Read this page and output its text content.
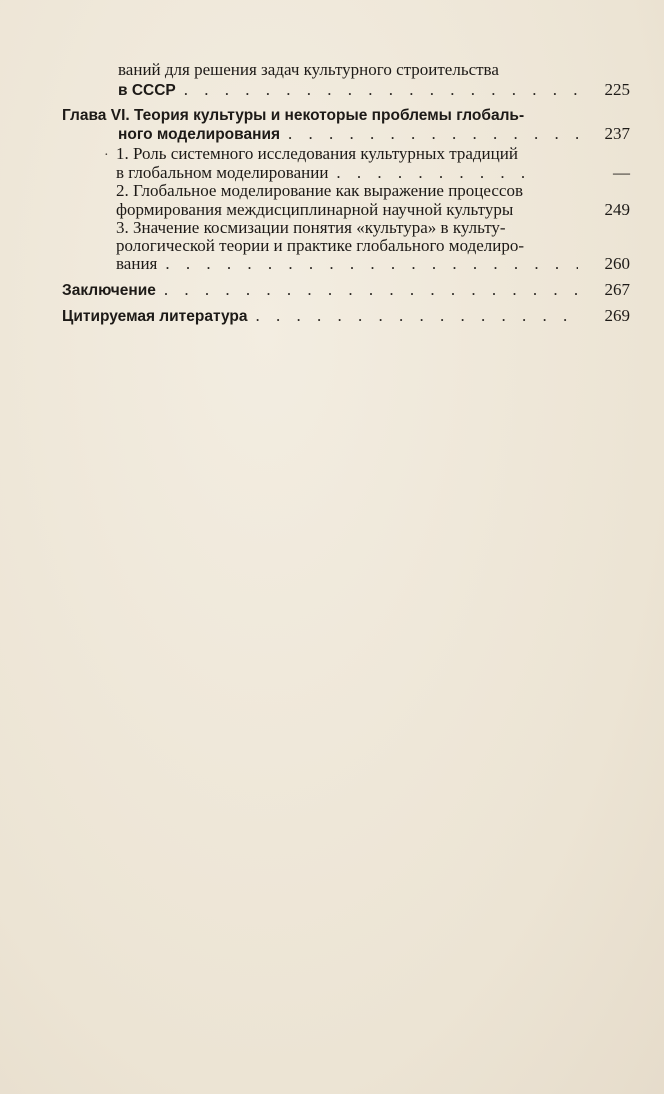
ваний для решения задач культурного строительства
в СССР . . .	225
Глава VI. Теория культуры и некоторые проблемы глобаль-
ного моделирования . . .	237
· 1. Роль системного исследования культурных традиций
в глобальном моделировании . . .	—
2. Глобальное моделирование как выражение процессов
формирования междисциплинарной научной культуры	249
3. Значение космизации понятия «культура» в культу-
рологической теории и практике глобального моделиро-
вания . . .	260
Заключение . . .	267
Цитируемая литература . . .	269
